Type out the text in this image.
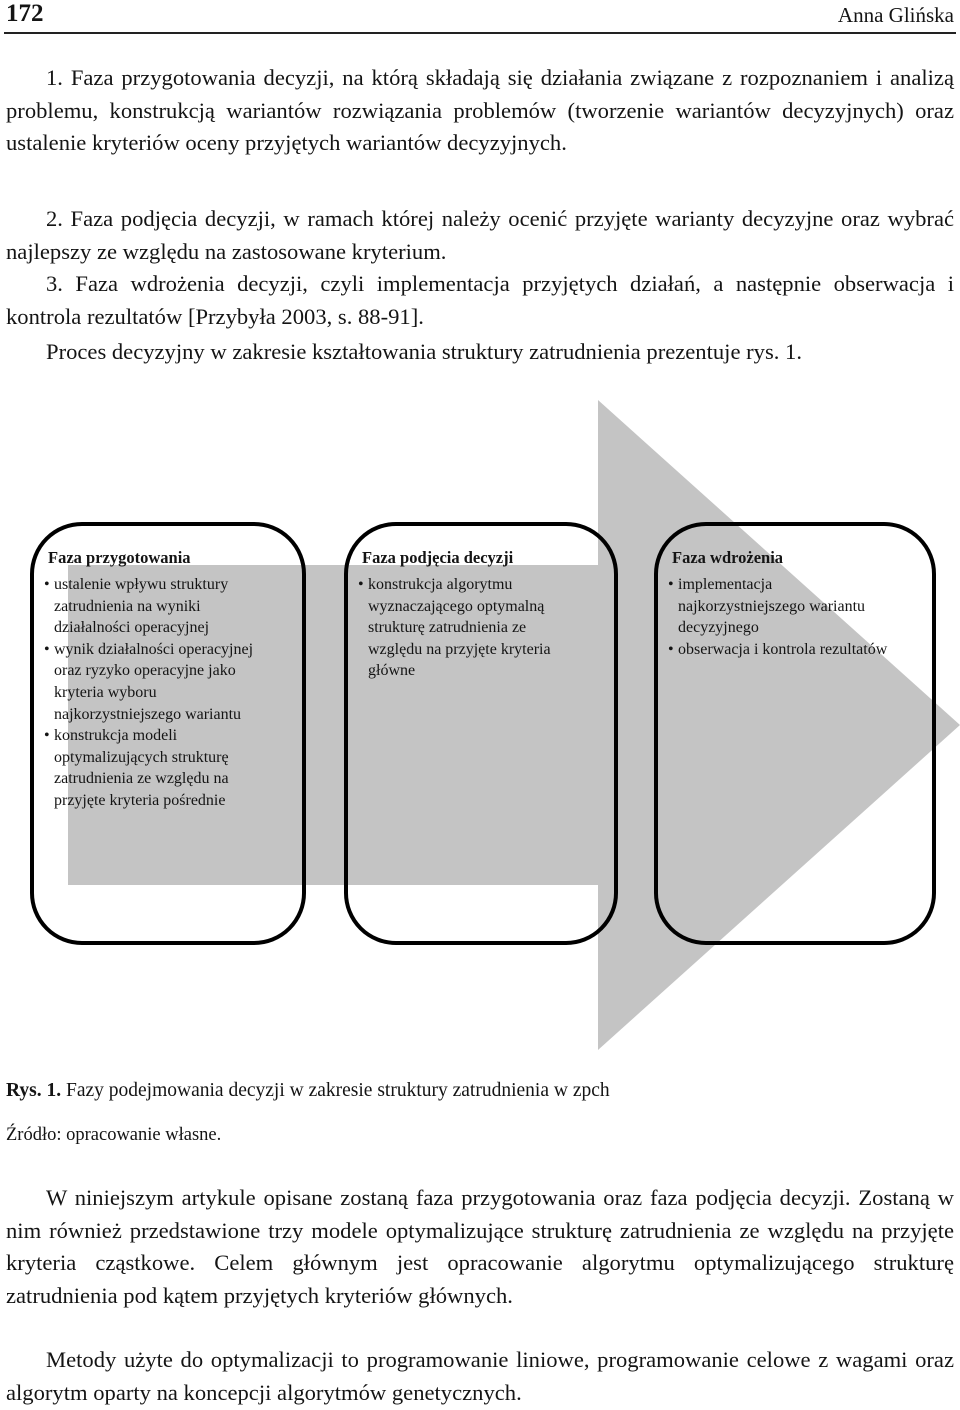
172	Anna Glińska

1. Faza przygotowania decyzji, na którą składają się działania związane z rozpoznaniem i analizą problemu, konstrukcją wariantów rozwiązania problemów (tworzenie wariantów decyzyjnych) oraz ustalenie kryteriów oceny przyjętych wariantów decyzyjnych.

2. Faza podjęcia decyzji, w ramach której należy ocenić przyjęte warianty decyzyjne oraz wybrać najlepszy ze względu na zastosowane kryterium.

3. Faza wdrożenia decyzji, czyli implementacja przyjętych działań, a następnie obserwacja i kontrola rezultatów [Przybyła 2003, s. 88-91].

Proces decyzyjny w zakresie kształtowania struktury zatrudnienia prezentuje rys. 1.

Faza przygotowania
• ustalenie wpływu struktury zatrudnienia na wyniki działalności operacyjnej
• wynik działalności operacyjnej oraz ryzyko operacyjne jako kryteria wyboru najkorzystniejszego wariantu
• konstrukcja modeli optymalizujących strukturę zatrudnienia ze względu na przyjęte kryteria pośrednie
Faza podjęcia decyzji
• konstrukcja algorytmu wyznaczającego optymalną strukturę zatrudnienia ze względu na przyjęte kryteria główne
Faza wdrożenia
• implementacja najkorzystniejszego wariantu decyzyjnego
• obserwacja i kontrola rezultatów
Rys. 1. Fazy podejmowania decyzji w zakresie struktury zatrudnienia w zpch
Źródło: opracowanie własne.

W niniejszym artykule opisane zostaną faza przygotowania oraz faza podjęcia decyzji. Zostaną w nim również przedstawione trzy modele optymalizujące strukturę zatrudnienia ze względu na przyjęte kryteria cząstkowe. Celem głównym jest opracowanie algorytmu optymalizującego strukturę zatrudnienia pod kątem przyjętych kryteriów głównych.

Metody użyte do optymalizacji to programowanie liniowe, programowanie celowe z wagami oraz algorytm oparty na koncepcji algorytmów genetycznych.
